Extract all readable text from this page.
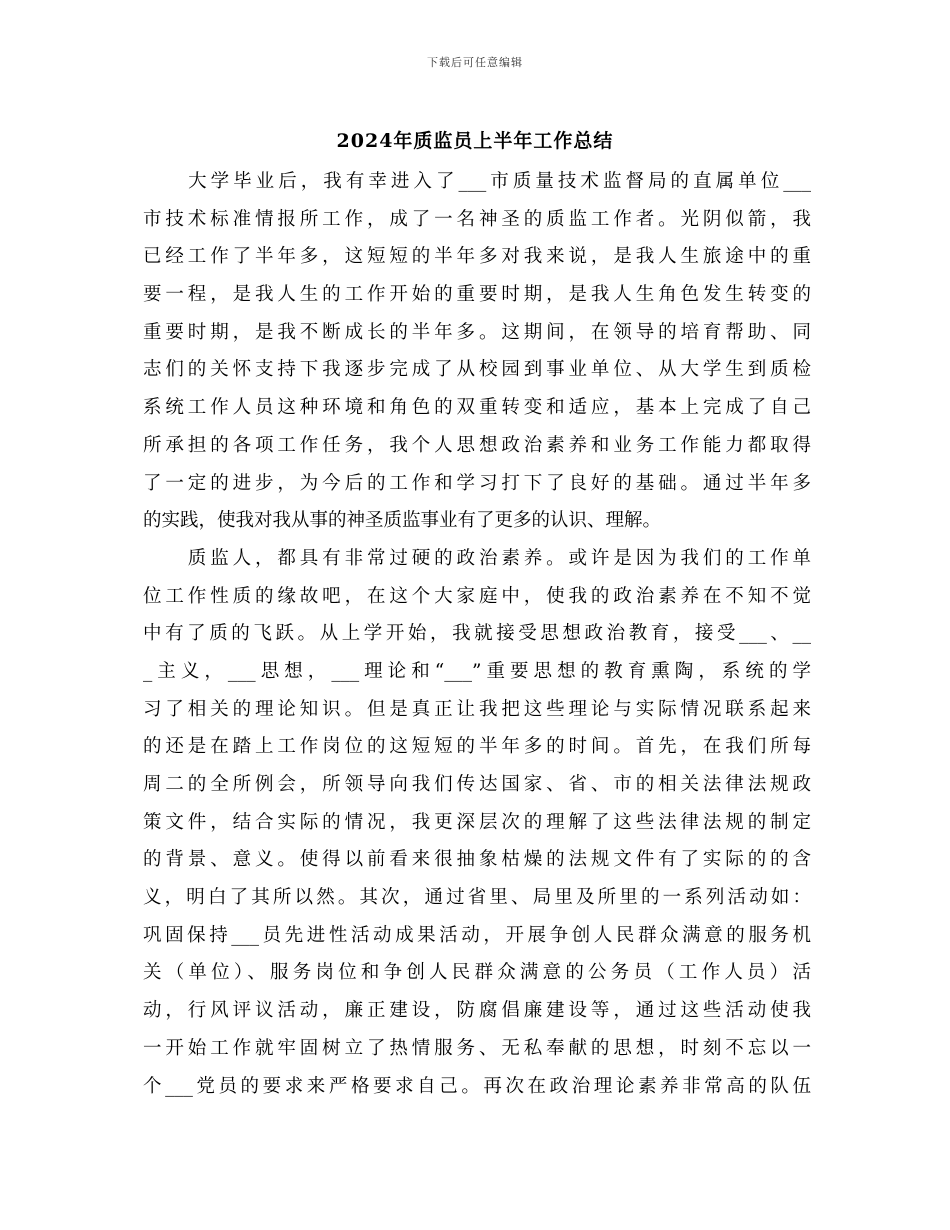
下载后可任意编辑
2024年质监员上半年工作总结
　　大学毕业后，我有幸进入了___市质量技术监督局的直属单位___
市技术标准情报所工作，成了一名神圣的质监工作者。光阴似箭，我
已经工作了半年多，这短短的半年多对我来说，是我人生旅途中的重
要一程，是我人生的工作开始的重要时期，是我人生角色发生转变的
重要时期，是我不断成长的半年多。这期间，在领导的培育帮助、同
志们的关怀支持下我逐步完成了从校园到事业单位、从大学生到质检
系统工作人员这种环境和角色的双重转变和适应，基本上完成了自己
所承担的各项工作任务，我个人思想政治素养和业务工作能力都取得
了一定的进步，为今后的工作和学习打下了良好的基础。通过半年多
的实践，使我对我从事的神圣质监事业有了更多的认识、理解。
　　质监人，都具有非常过硬的政治素养。或许是因为我们的工作单
位工作性质的缘故吧，在这个大家庭中，使我的政治素养在不知不觉
中有了质的飞跃。从上学开始，我就接受思想政治教育，接受___、__
_主义，___思想，___理论和“___”重要思想的教育熏陶，系统的学
习了相关的理论知识。但是真正让我把这些理论与实际情况联系起来
的还是在踏上工作岗位的这短短的半年多的时间。首先，在我们所每
周二的全所例会，所领导向我们传达国家、省、市的相关法律法规政
策文件，结合实际的情况，我更深层次的理解了这些法律法规的制定
的背景、意义。使得以前看来很抽象枯燥的法规文件有了实际的的含
义，明白了其所以然。其次，通过省里、局里及所里的一系列活动如：
巩固保持___员先进性活动成果活动，开展争创人民群众满意的服务机
关（单位）、服务岗位和争创人民群众满意的公务员（工作人员）活
动，行风评议活动，廉正建设，防腐倡廉建设等，通过这些活动使我
一开始工作就牢固树立了热情服务、无私奉献的思想，时刻不忘以一
个___党员的要求来严格要求自己。再次在政治理论素养非常高的队伍
